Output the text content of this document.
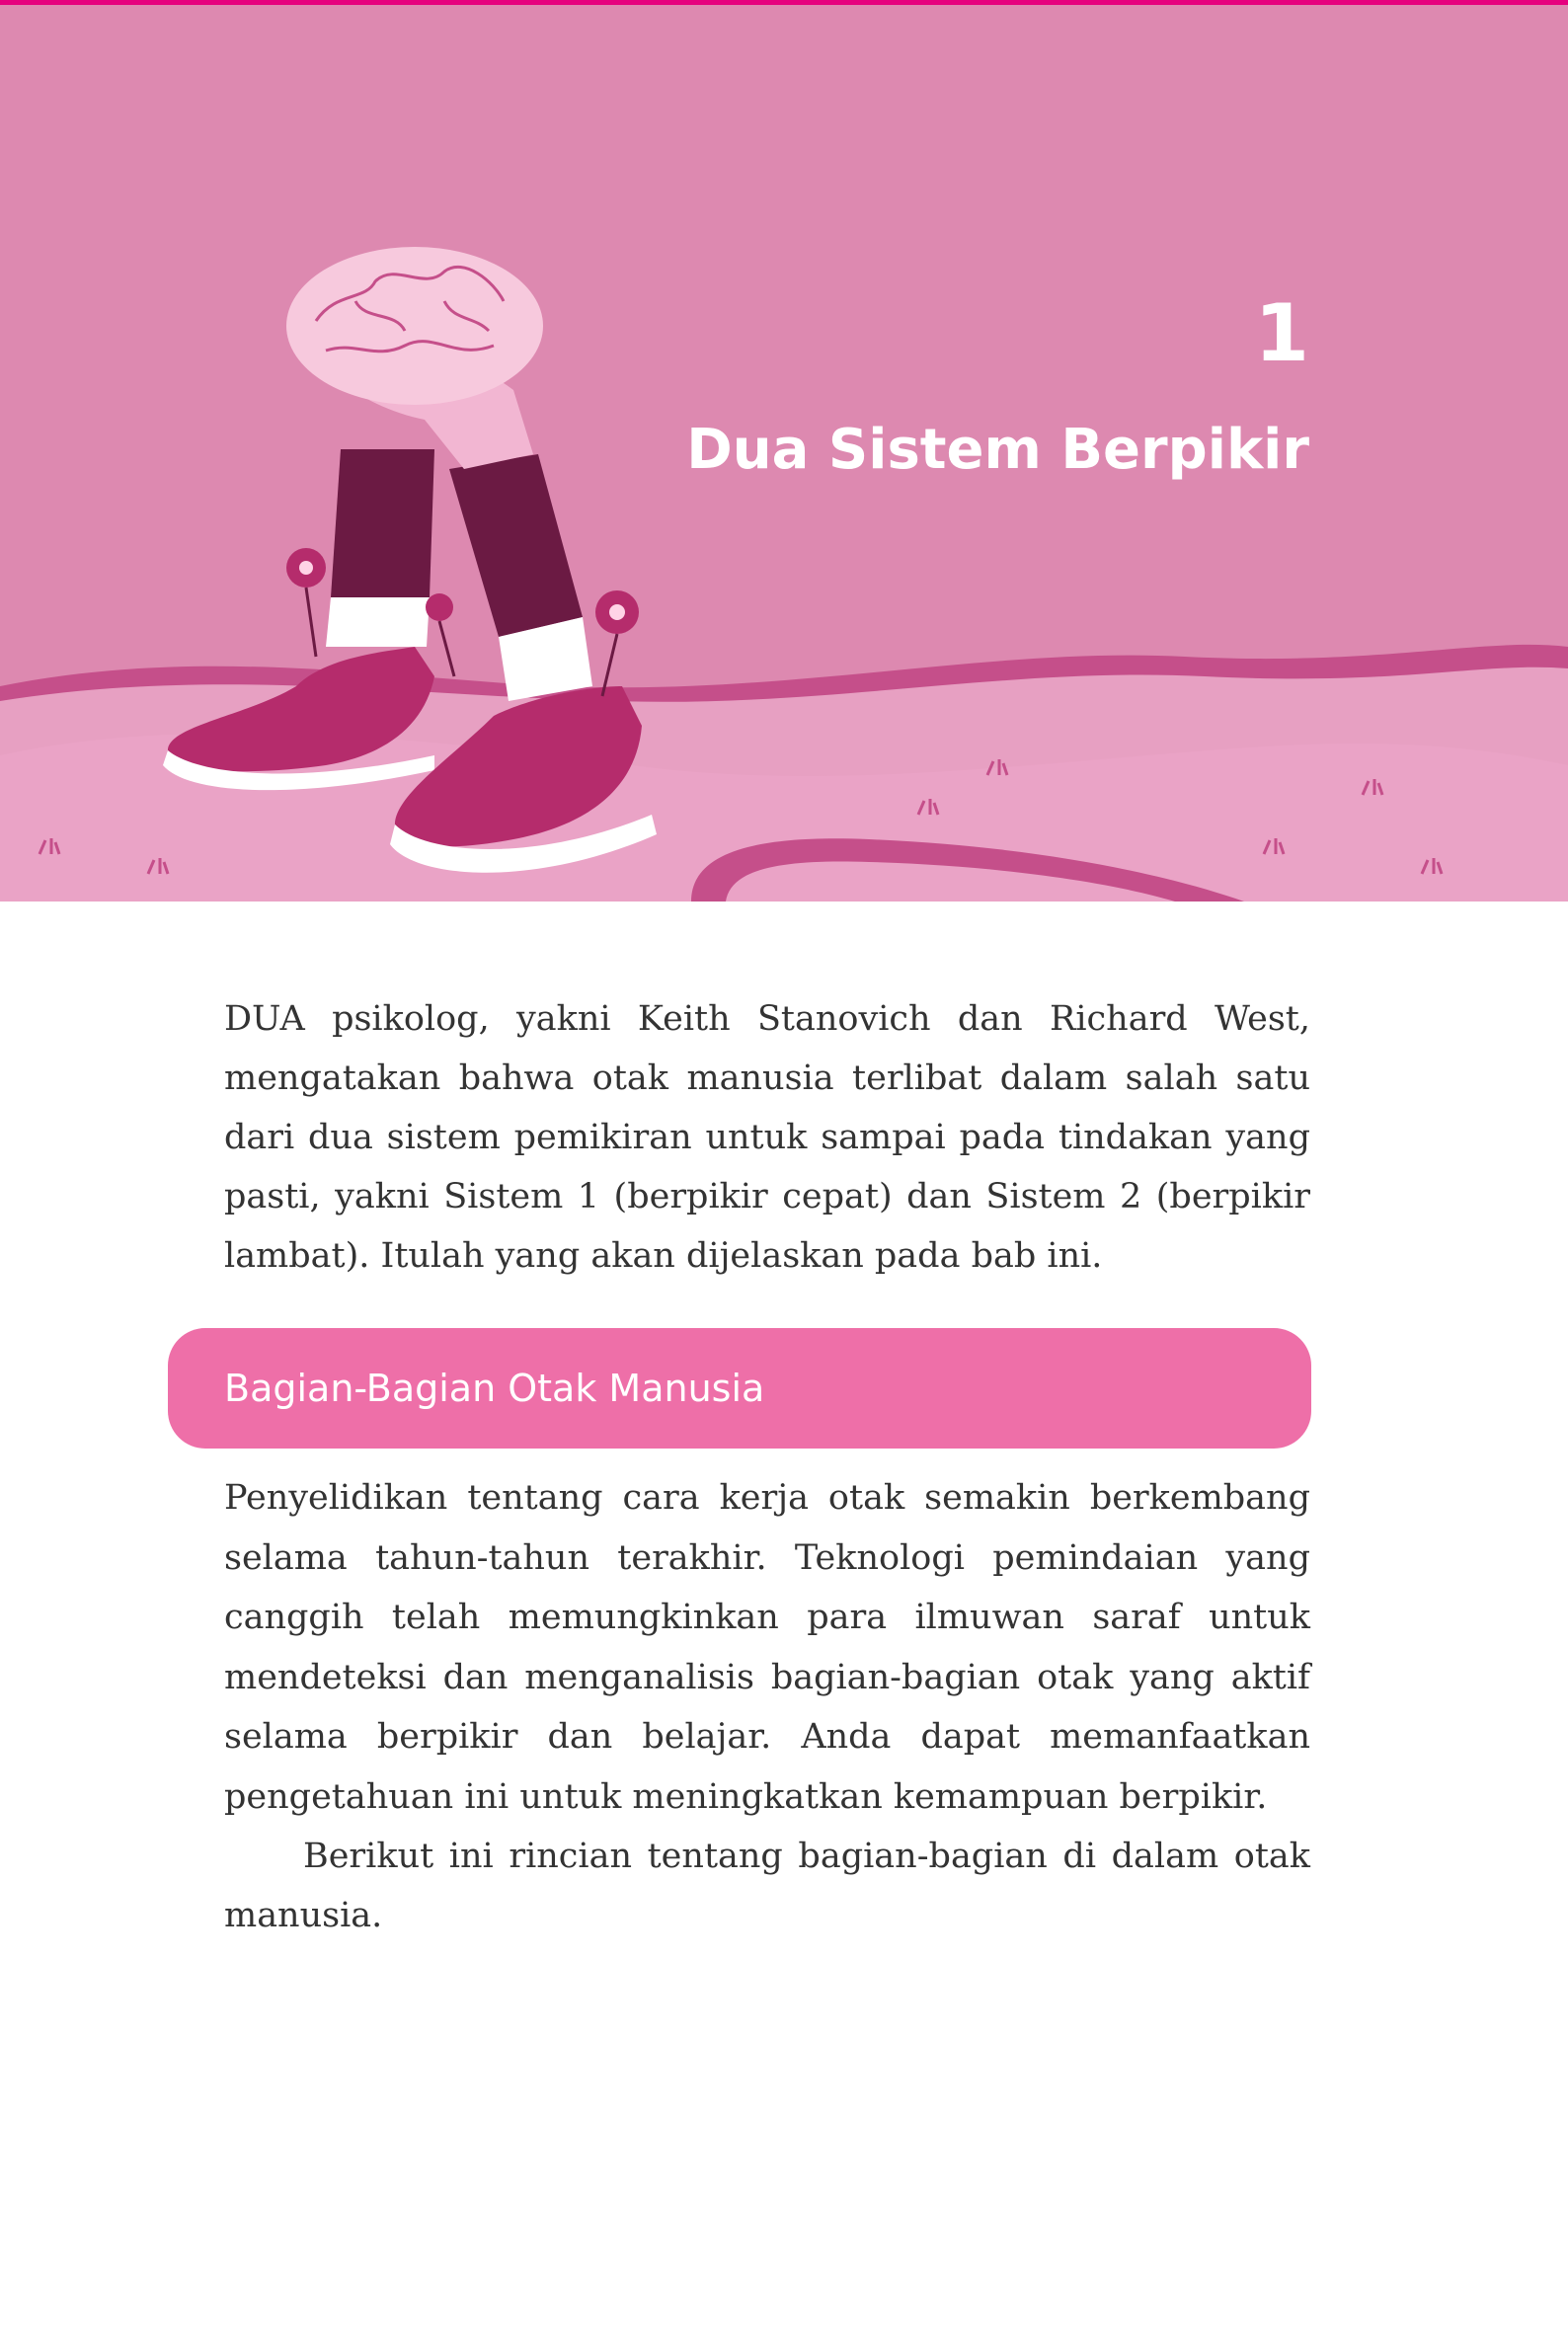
1
Dua Sistem Berpikir

DUA psikolog, yakni Keith Stanovich dan Richard West, mengatakan bahwa otak manusia terlibat dalam salah satu dari dua sistem pemikiran untuk sampai pada tindakan yang pasti, yakni Sistem 1 (berpikir cepat) dan Sistem 2 (berpikir lambat). Itulah yang akan dijelaskan pada bab ini.

Bagian-Bagian Otak Manusia

Penyelidikan tentang cara kerja otak semakin berkembang selama tahun-tahun terakhir. Teknologi pemindaian yang canggih telah memungkinkan para ilmuwan saraf untuk mendeteksi dan menganalisis bagian-bagian otak yang aktif selama berpikir dan belajar. Anda dapat memanfaatkan pengetahuan ini untuk meningkatkan kemampuan berpikir.

Berikut ini rincian tentang bagian-bagian di dalam otak manusia.
